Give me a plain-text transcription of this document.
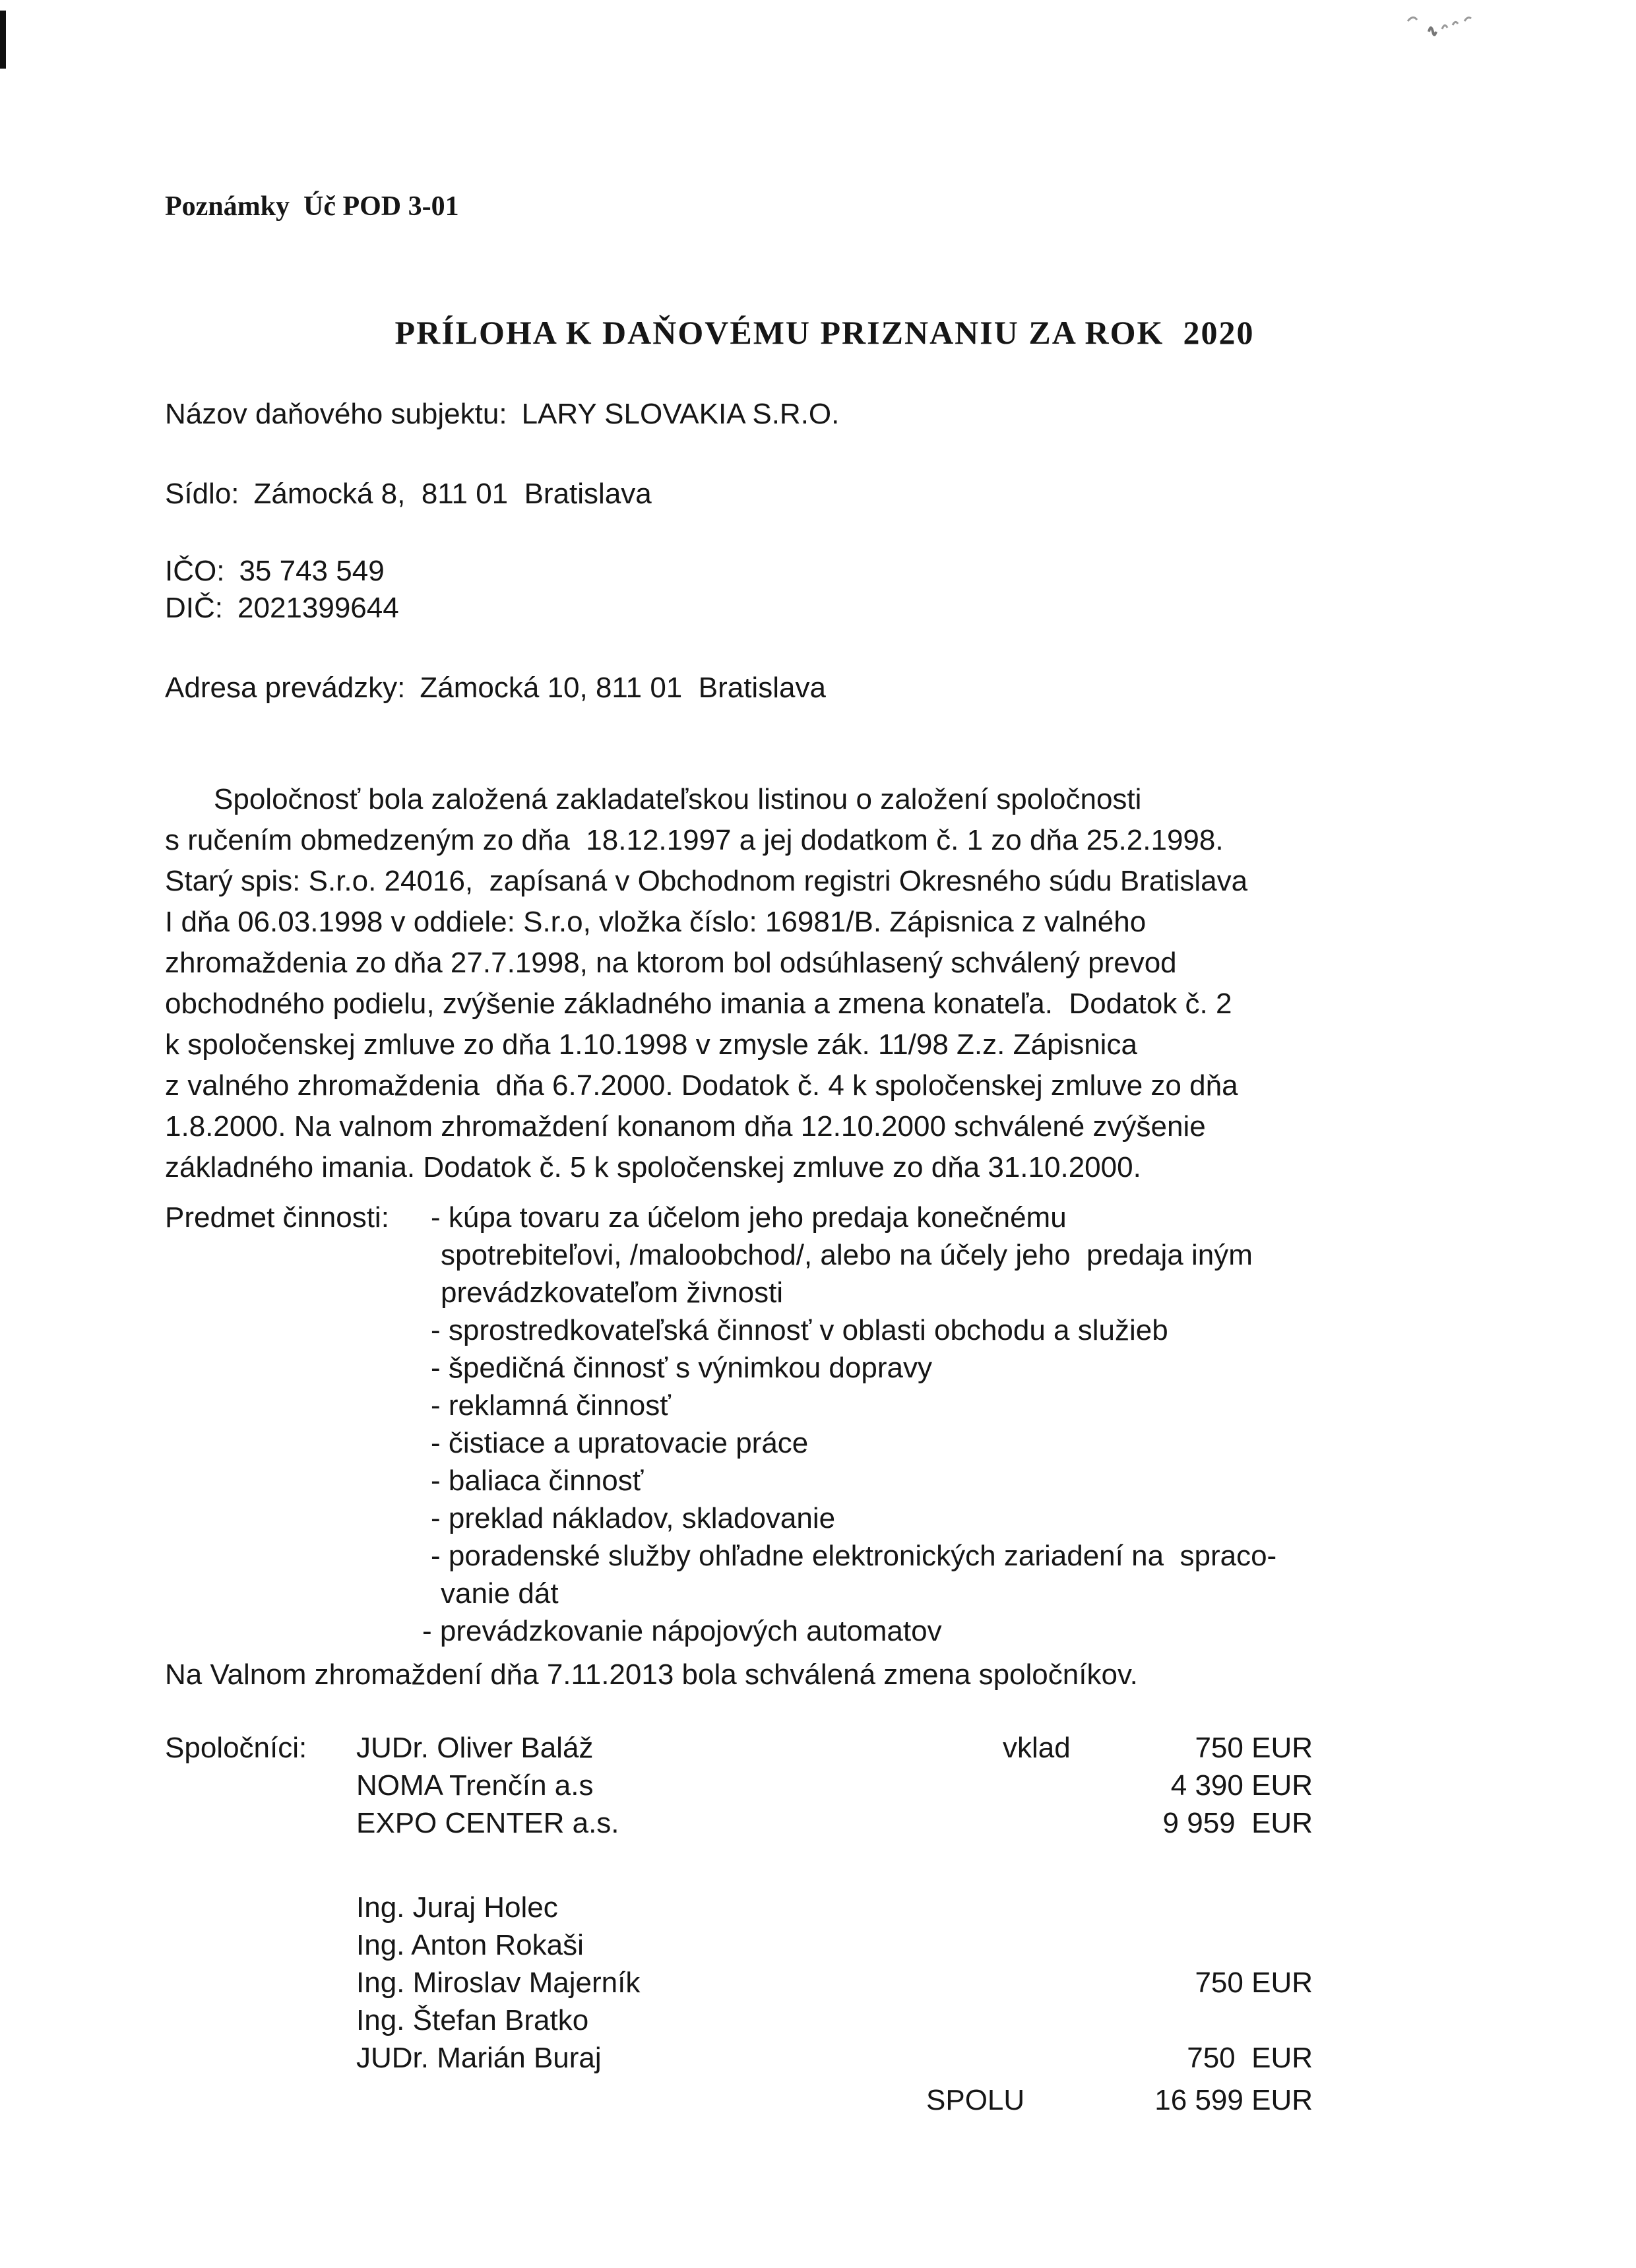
Poznámky  Úč POD 3-01
PRÍLOHA K DAŇOVÉMU PRIZNANIU ZA ROK  2020
Názov daňového subjektu: LARY SLOVAKIA S.R.O.
Sídlo: Zámocká 8,  811 01  Bratislava
IČO: 35 743 549
DIČ: 2021399644
Adresa prevádzky: Zámocká 10, 811 01  Bratislava
Spoločnosť bola založená zakladateľskou listinou o založení spoločnosti
s ručením obmedzeným zo dňa  18.12.1997 a jej dodatkom č. 1 zo dňa 25.2.1998.
Starý spis: S.r.o. 24016,  zapísaná v Obchodnom registri Okresného súdu Bratislava
I dňa 06.03.1998 v oddiele: S.r.o, vložka číslo: 16981/B. Zápisnica z valného
zhromaždenia zo dňa 27.7.1998, na ktorom bol odsúhlasený schválený prevod
obchodného podielu, zvýšenie základného imania a zmena konateľa.  Dodatok č. 2
k spoločenskej zmluve zo dňa 1.10.1998 v zmysle zák. 11/98 Z.z. Zápisnica
z valného zhromaždenia  dňa 6.7.2000. Dodatok č. 4 k spoločenskej zmluve zo dňa
1.8.2000. Na valnom zhromaždení konanom dňa 12.10.2000 schválené zvýšenie
základného imania. Dodatok č. 5 k spoločenskej zmluve zo dňa 31.10.2000.
Predmet činnosti:	- kúpa tovaru za účelom jeho predaja konečnému
spotrebiteľovi, /maloobchod/, alebo na účely jeho  predaja iným
prevádzkovateľom živnosti
- sprostredkovateľská činnosť v oblasti obchodu a služieb
- špedičná činnosť s výnimkou dopravy
- reklamná činnosť
- čistiace a upratovacie práce
- baliaca činnosť
- preklad nákladov, skladovanie
- poradenské služby ohľadne elektronických zariadení na  spraco-
vanie dát
- prevádzkovanie nápojových automatov
Na Valnom zhromaždení dňa 7.11.2013 bola schválená zmena spoločníkov.
Spoločníci:	JUDr. Oliver Baláž	vklad	750 EUR
NOMA Trenčín a.s	4 390 EUR
EXPO CENTER a.s.	9 959  EUR
Ing. Juraj Holec
Ing. Anton Rokaši
Ing. Miroslav Majerník	750 EUR
Ing. Štefan Bratko
JUDr. Marián Buraj	750  EUR
SPOLU	16 599 EUR
